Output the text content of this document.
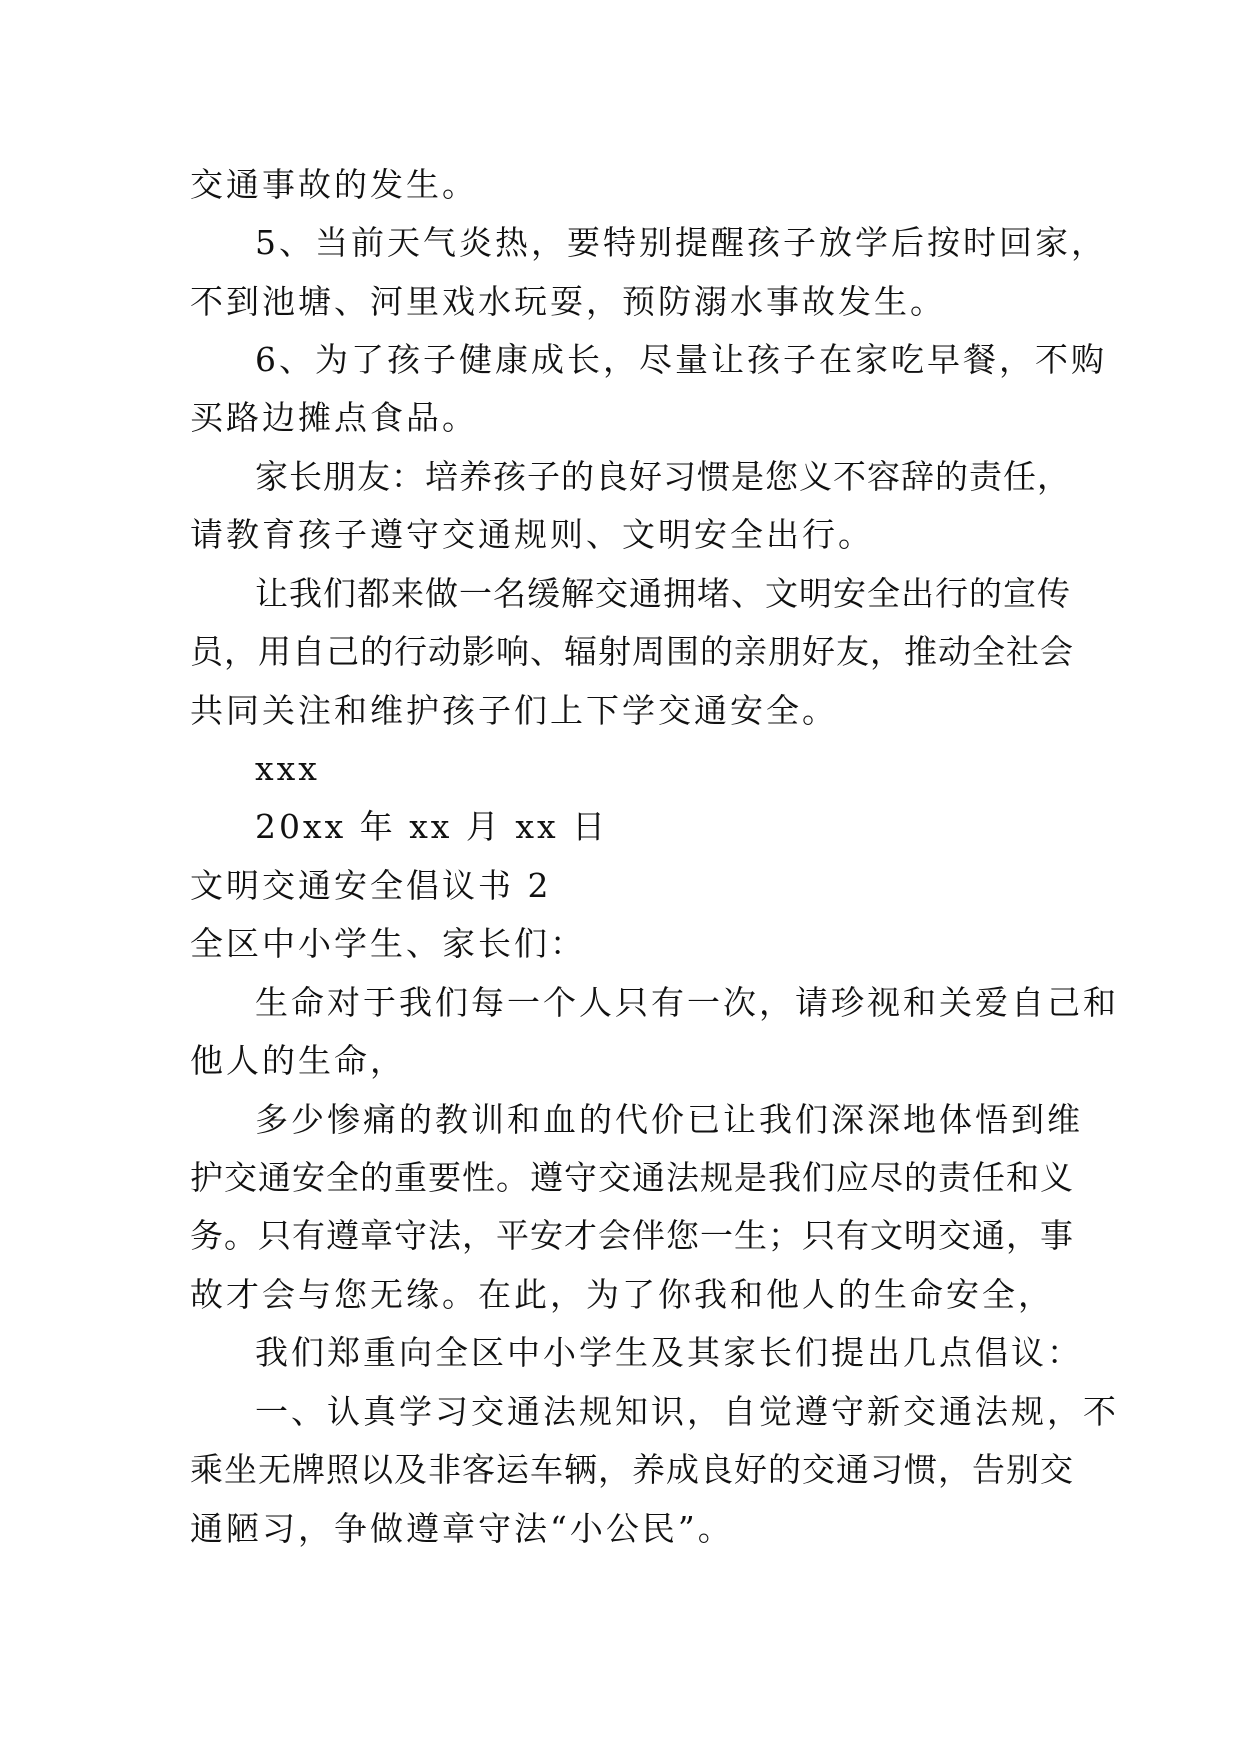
交通事故的发生。
5、当前天气炎热，要特别提醒孩子放学后按时回家，
不到池塘、河里戏水玩耍，预防溺水事故发生。
6、为了孩子健康成长，尽量让孩子在家吃早餐，不购
买路边摊点食品。
家长朋友：培养孩子的良好习惯是您义不容辞的责任，
请教育孩子遵守交通规则、文明安全出行。
让我们都来做一名缓解交通拥堵、文明安全出行的宣传
员，用自己的行动影响、辐射周围的亲朋好友，推动全社会
共同关注和维护孩子们上下学交通安全。
xxx
20xx 年 xx 月 xx 日
文明交通安全倡议书 2
全区中小学生、家长们：
生命对于我们每一个人只有一次，请珍视和关爱自己和
他人的生命，
多少惨痛的教训和血的代价已让我们深深地体悟到维
护交通安全的重要性。遵守交通法规是我们应尽的责任和义
务。只有遵章守法，平安才会伴您一生；只有文明交通，事
故才会与您无缘。在此，为了你我和他人的生命安全，
我们郑重向全区中小学生及其家长们提出几点倡议：
一、认真学习交通法规知识，自觉遵守新交通法规，不
乘坐无牌照以及非客运车辆，养成良好的交通习惯，告别交
通陋习，争做遵章守法“小公民”。
